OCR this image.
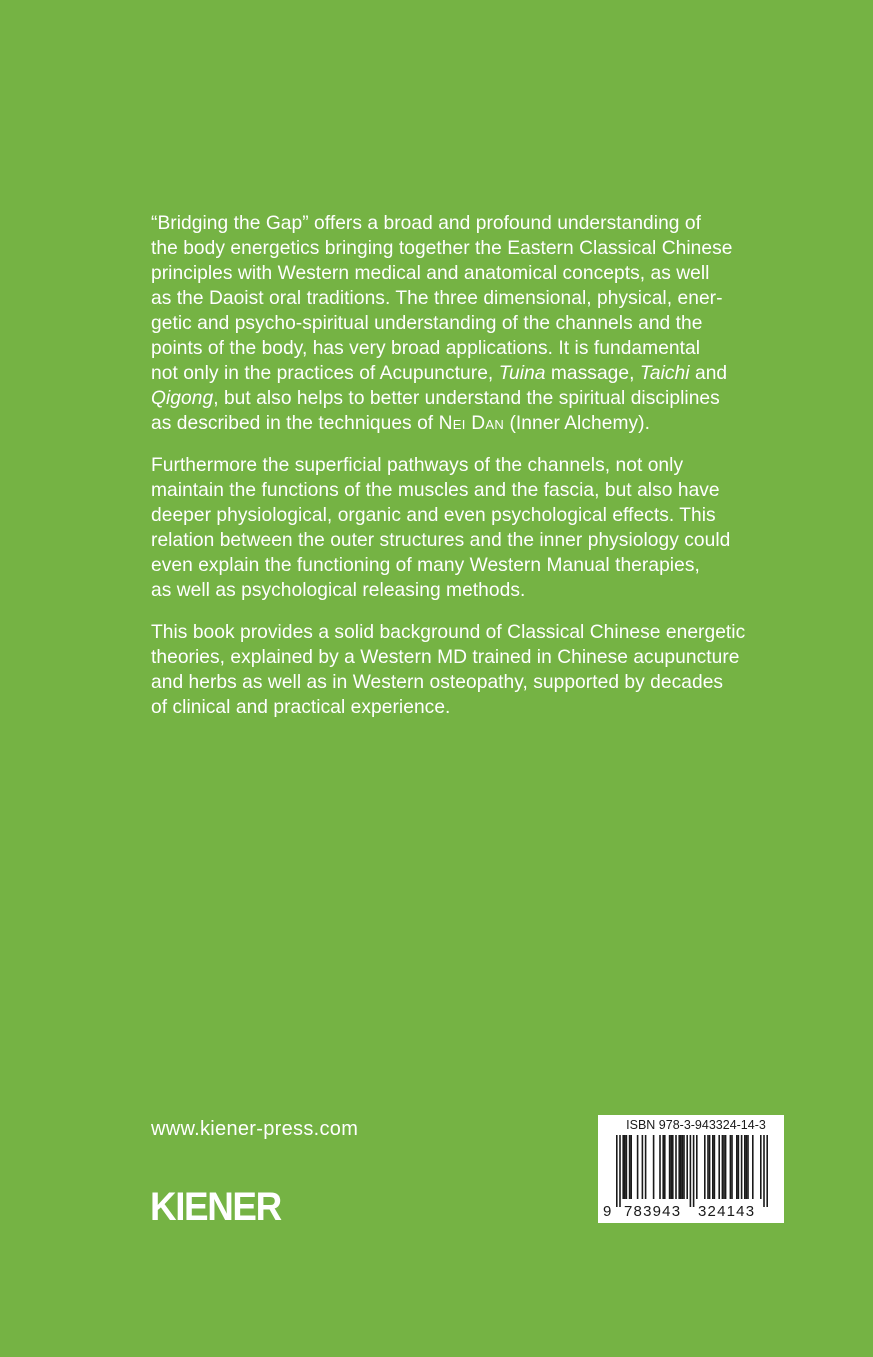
“Bridging the Gap” offers a broad and profound understanding of
the body energetics bringing together the Eastern Classical Chinese
principles with Western medical and anatomical concepts, as well
as the Daoist oral traditions. The three dimensional, physical, ener-
getic and psycho-spiritual understanding of the channels and the
points of the body, has very broad applications. It is fundamental
not only in the practices of Acupuncture, Tuina massage, Taichi and
Qigong, but also helps to better understand the spiritual disciplines
as described in the techniques of Nei Dan (Inner Alchemy).

Furthermore the superficial pathways of the channels, not only
maintain the functions of the muscles and the fascia, but also have
deeper physiological, organic and even psychological effects. This
relation between the outer structures and the inner physiology could
even explain the functioning of many Western Manual therapies,
as well as psychological releasing methods.

This book provides a solid background of Classical Chinese energetic
theories, explained by a Western MD trained in Chinese acupuncture
and herbs as well as in Western osteopathy, supported by decades
of clinical and practical experience.

www.kiener-press.com
KIENER
ISBN 978-3-943324-14-3
9 783943 324143
